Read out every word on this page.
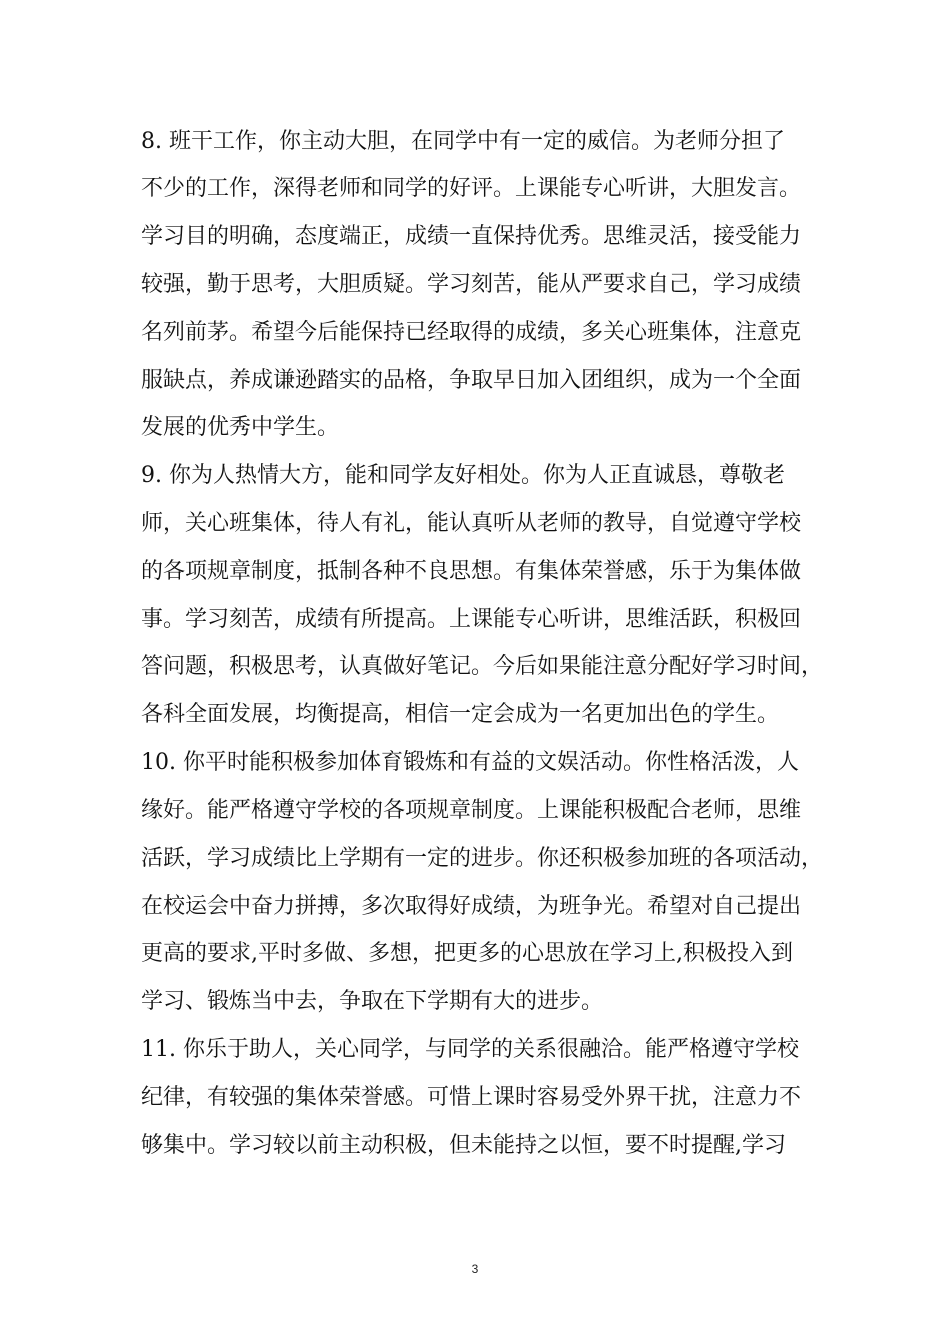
8. 班干工作，你主动大胆，在同学中有一定的威信。为老师分担了
不少的工作，深得老师和同学的好评。上课能专心听讲，大胆发言。
学习目的明确，态度端正，成绩一直保持优秀。思维灵活，接受能力
较强，勤于思考，大胆质疑。学习刻苦，能从严要求自己，学习成绩
名列前茅。希望今后能保持已经取得的成绩，多关心班集体，注意克
服缺点，养成谦逊踏实的品格，争取早日加入团组织，成为一个全面
发展的优秀中学生。
9. 你为人热情大方，能和同学友好相处。你为人正直诚恳，尊敬老
师，关心班集体，待人有礼，能认真听从老师的教导，自觉遵守学校
的各项规章制度，抵制各种不良思想。有集体荣誉感，乐于为集体做
事。学习刻苦，成绩有所提高。上课能专心听讲，思维活跃，积极回
答问题，积极思考，认真做好笔记。今后如果能注意分配好学习时间，
各科全面发展，均衡提高，相信一定会成为一名更加出色的学生。
10. 你平时能积极参加体育锻炼和有益的文娱活动。你性格活泼，人
缘好。能严格遵守学校的各项规章制度。上课能积极配合老师，思维
活跃，学习成绩比上学期有一定的进步。你还积极参加班的各项活动，
在校运会中奋力拼搏，多次取得好成绩，为班争光。希望对自己提出
更高的要求,平时多做、多想，把更多的心思放在学习上,积极投入到
学习、锻炼当中去，争取在下学期有大的进步。
11. 你乐于助人，关心同学，与同学的关系很融洽。能严格遵守学校
纪律，有较强的集体荣誉感。可惜上课时容易受外界干扰，注意力不
够集中。学习较以前主动积极，但未能持之以恒，要不时提醒,学习
3
